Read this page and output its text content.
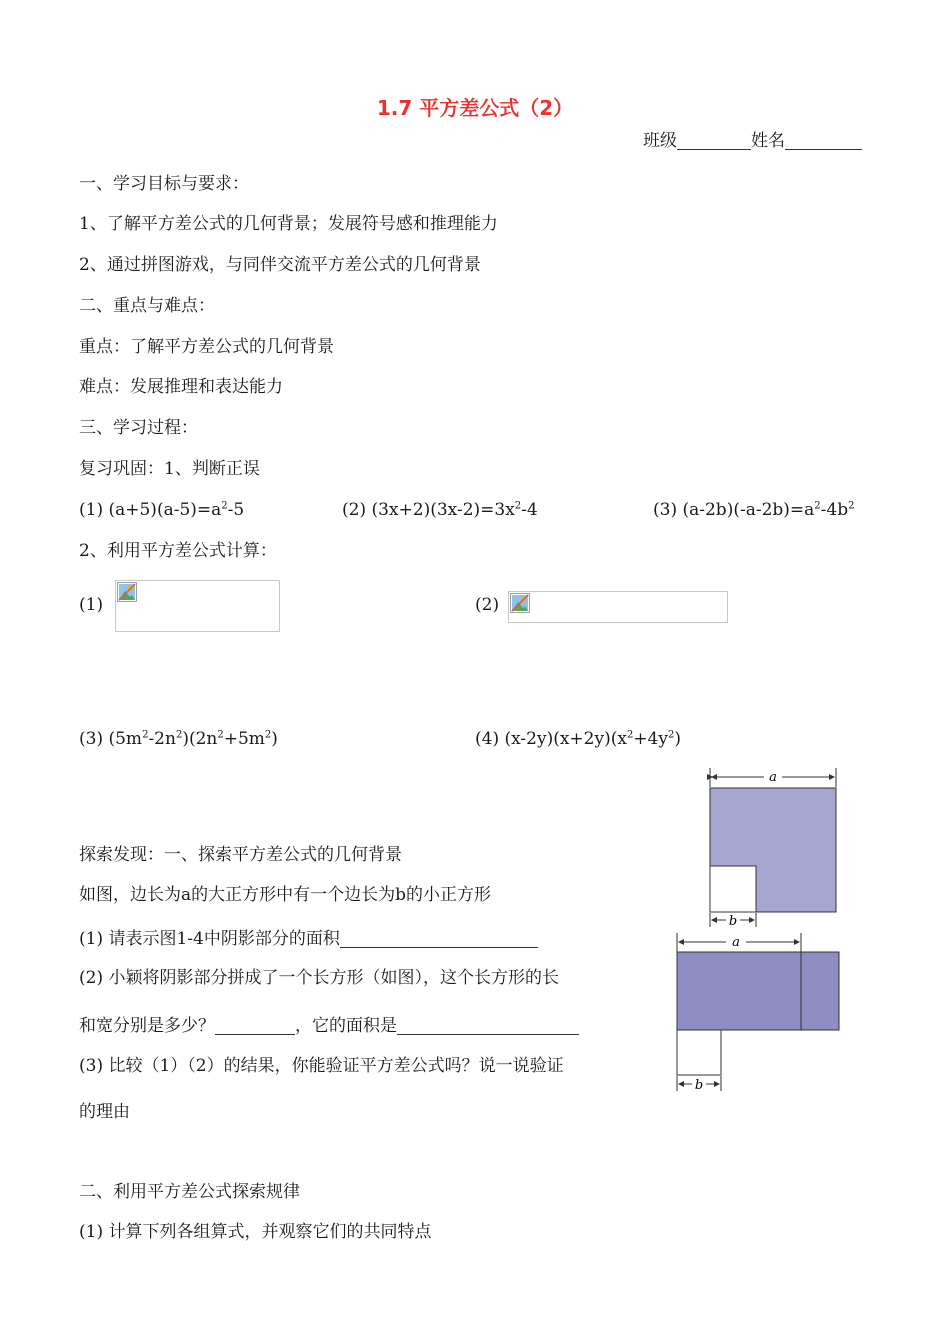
1.7 平方差公式（2）
班级	姓名
一、学习目标与要求：
1、了解平方差公式的几何背景；发展符号感和推理能力
2、通过拼图游戏，与同伴交流平方差公式的几何背景
二、重点与难点：
重点：了解平方差公式的几何背景
难点：发展推理和表达能力
三、学习过程：
复习巩固：1、判断正误
(1) $(a+5)(a-5)=a^2-5$	(2) $(3x+2)(3x-2)=3x^2-4$	(3) $(a-2b)(-a-2b)=a^2-4b^2$
2、利用平方差公式计算：
(1)	(2)
(3) $(5m^2-2n^2)(2n^2+5m^2)$	(4) $(x-2y)(x+2y)(x^2+4y^2)$
探索发现：一、探索平方差公式的几何背景
如图，边长为a的大正方形中有一个边长为b的小正方形
(1) 请表示图1-4中阴影部分的面积
(2) 小颖将阴影部分拼成了一个长方形（如图），这个长方形的长
和宽分别是多少？	，它的面积是
(3) 比较（1）（2）的结果，你能验证平方差公式吗？说一说验证
的理由
二、利用平方差公式探索规律
(1) 计算下列各组算式，并观察它们的共同特点
a
b
a
b
